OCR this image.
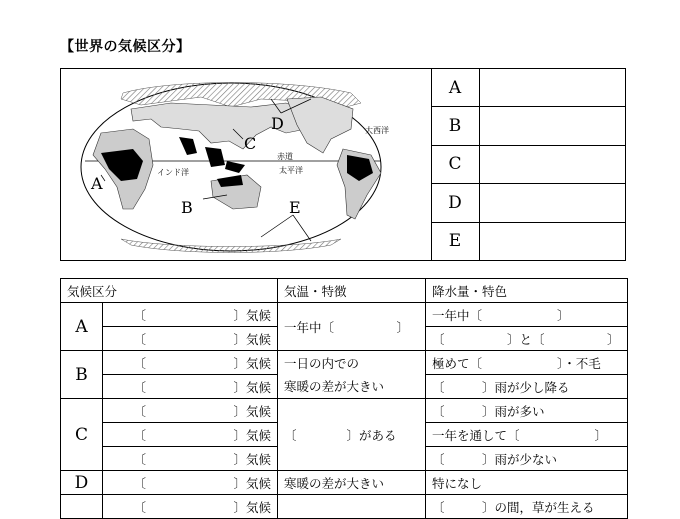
【世界の気候区分】
A
B
C
D
E
大西洋
インド洋
赤道
太平洋
A	
B	
C	
D	
E	
気候区分		気温・特徴	降水量・特色
A	〔　　　　　　　〕気候	一年中〔　　　　　〕	一年中〔　　　　　　〕
	〔　　　　　　　〕気候		〔　　　　　〕と〔　　　　　〕
B	〔　　　　　　　〕気候	一日の内での	極めて〔　　　　　　〕・不毛
	〔　　　　　　　〕気候	寒暖の差が大きい	〔　　　〕雨が少し降る
C	〔　　　　　　　〕気候	〔　　　　〕がある	〔　　　〕雨が多い
	〔　　　　　　　〕気候		一年を通して〔　　　　　　〕
	〔　　　　　　　〕気候		〔　　　〕雨が少ない
D	〔　　　　　　　〕気候	寒暖の差が大きい	特になし
	〔　　　　　　　〕気候		〔　　　〕の間，草が生える
